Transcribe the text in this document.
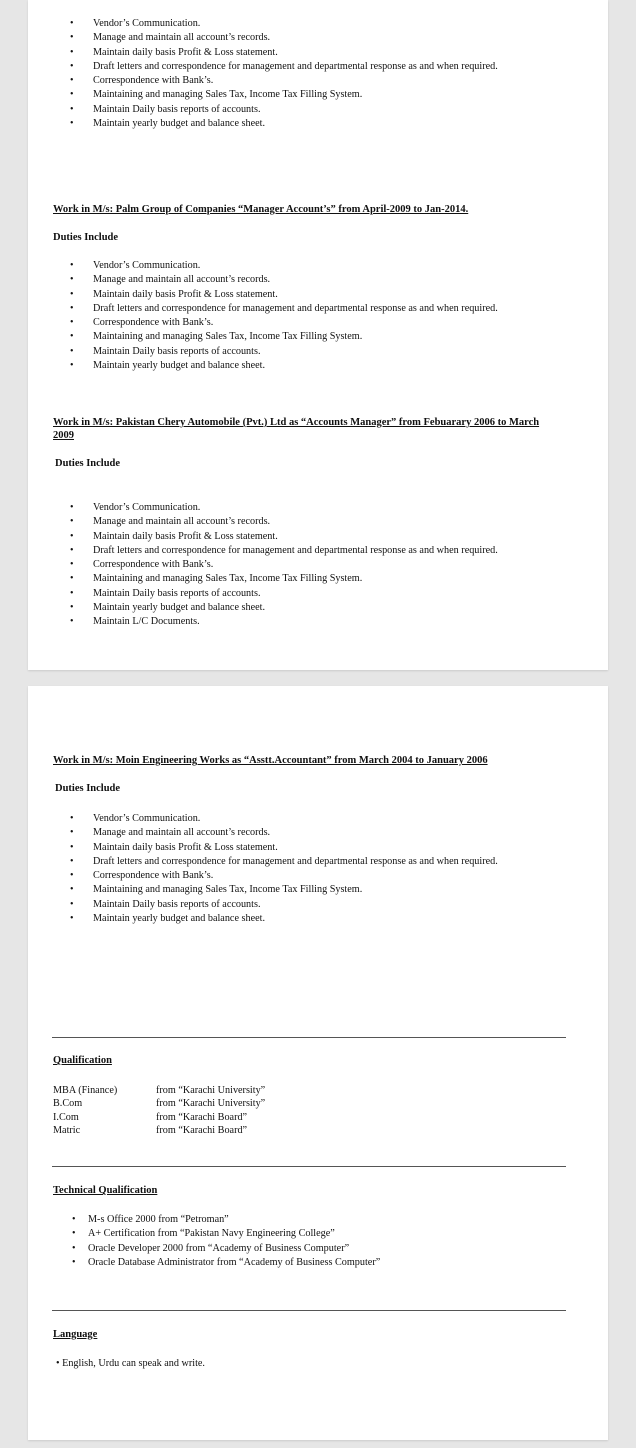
• Vendor’s Communication.
• Manage and maintain all account’s records.
• Maintain daily basis Profit & Loss statement.
• Draft letters and correspondence for management and departmental response as and when required.
• Correspondence with Bank’s.
• Maintaining and managing Sales Tax, Income Tax Filling System.
• Maintain Daily basis reports of accounts.
• Maintain yearly budget and balance sheet.

Work in M/s: Palm Group of Companies “Manager Account’s” from April-2009 to Jan-2014.

Duties Include

• Vendor’s Communication.
• Manage and maintain all account’s records.
• Maintain daily basis Profit & Loss statement.
• Draft letters and correspondence for management and departmental response as and when required.
• Correspondence with Bank’s.
• Maintaining and managing Sales Tax, Income Tax Filling System.
• Maintain Daily basis reports of accounts.
• Maintain yearly budget and balance sheet.

Work in M/s: Pakistan Chery Automobile (Pvt.) Ltd as “Accounts Manager” from Febuarary 2006 to March 2009

Duties Include

• Vendor’s Communication.
• Manage and maintain all account’s records.
• Maintain daily basis Profit & Loss statement.
• Draft letters and correspondence for management and departmental response as and when required.
• Correspondence with Bank’s.
• Maintaining and managing Sales Tax, Income Tax Filling System.
• Maintain Daily basis reports of accounts.
• Maintain yearly budget and balance sheet.
• Maintain L/C Documents.

Work in M/s: Moin Engineering Works as “Asstt.Accountant” from March 2004 to January 2006

Duties Include

• Vendor’s Communication.
• Manage and maintain all account’s records.
• Maintain daily basis Profit & Loss statement.
• Draft letters and correspondence for management and departmental response as and when required.
• Correspondence with Bank’s.
• Maintaining and managing Sales Tax, Income Tax Filling System.
• Maintain Daily basis reports of accounts.
• Maintain yearly budget and balance sheet.

Qualification

MBA (Finance)	from “Karachi University”
B.Com	from “Karachi University”
I.Com	from “Karachi Board”
Matric	from “Karachi Board”

Technical Qualification

• M-s Office 2000 from “Petroman”
• A+ Certification from “Pakistan Navy Engineering College”
• Oracle Developer 2000 from “Academy of Business Computer”
• Oracle Database Administrator from “Academy of Business Computer”

Language

• English, Urdu can speak and write.
